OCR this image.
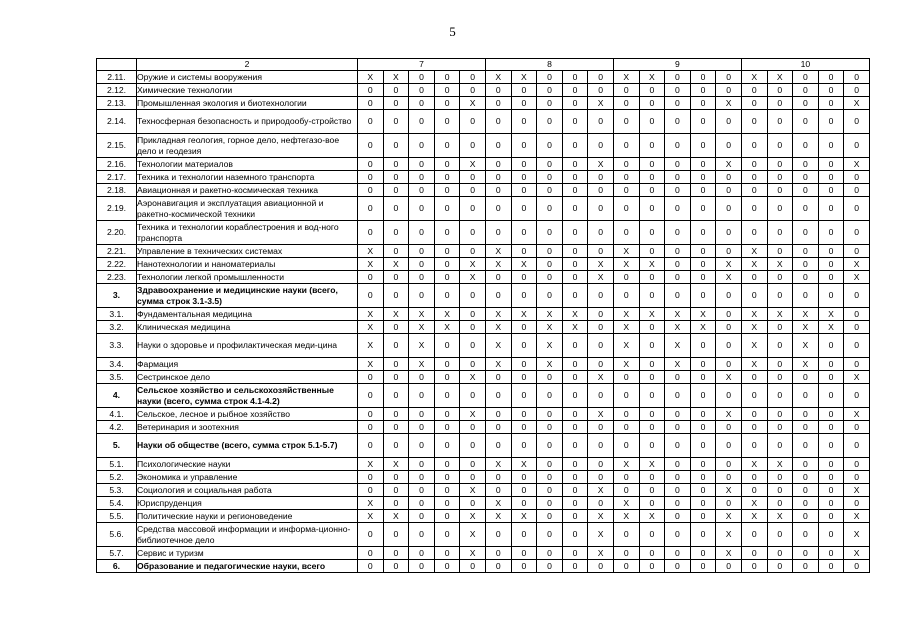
5
	2	7					8					9					10				
2.11.	Оружие и системы вооружения	X	X	0	0	0	X	X	0	0	0	X	X	0	0	0	X	X	0	0	0
2.12.	Химические технологии	0	0	0	0	0	0	0	0	0	0	0	0	0	0	0	0	0	0	0	0
2.13.	Промышленная экология и биотехнологии	0	0	0	0	X	0	0	0	0	X	0	0	0	0	X	0	0	0	0	X
2.14.	Техносферная безопасность и природообу-стройство	0	0	0	0	0	0	0	0	0	0	0	0	0	0	0	0	0	0	0	0
2.15.	Прикладная геология, горное дело, нефтегазо-вое дело и геодезия	0	0	0	0	0	0	0	0	0	0	0	0	0	0	0	0	0	0	0	0
2.16.	Технологии материалов	0	0	0	0	X	0	0	0	0	X	0	0	0	0	X	0	0	0	0	X
2.17.	Техника и технологии наземного транспорта	0	0	0	0	0	0	0	0	0	0	0	0	0	0	0	0	0	0	0	0
2.18.	Авиационная и ракетно-космическая техника	0	0	0	0	0	0	0	0	0	0	0	0	0	0	0	0	0	0	0	0
2.19.	Аэронавигация и эксплуатация авиационной и ракетно-космической техники	0	0	0	0	0	0	0	0	0	0	0	0	0	0	0	0	0	0	0	0
2.20.	Техника и технологии кораблестроения и вод-ного транспорта	0	0	0	0	0	0	0	0	0	0	0	0	0	0	0	0	0	0	0	0
2.21.	Управление в технических системах	X	0	0	0	0	X	0	0	0	0	X	0	0	0	0	X	0	0	0	0
2.22.	Нанотехнологии и наноматериалы	X	X	0	0	X	X	X	0	0	X	X	X	0	0	X	X	X	0	0	X
2.23.	Технологии легкой промышленности	0	0	0	0	X	0	0	0	0	X	0	0	0	0	X	0	0	0	0	X
3.	Здравоохранение и медицинские науки (всего, сумма строк 3.1-3.5)	0	0	0	0	0	0	0	0	0	0	0	0	0	0	0	0	0	0	0	0
3.1.	Фундаментальная медицина	X	X	X	X	0	X	X	X	X	0	X	X	X	X	0	X	X	X	X	0
3.2.	Клиническая медицина	X	0	X	X	0	X	0	X	X	0	X	0	X	X	0	X	0	X	X	0
3.3.	Науки о здоровье и профилактическая меди-цина	X	0	X	0	0	X	0	X	0	0	X	0	X	0	0	X	0	X	0	0
3.4.	Фармация	X	0	X	0	0	X	0	X	0	0	X	0	X	0	0	X	0	X	0	0
3.5.	Сестринское дело	0	0	0	0	X	0	0	0	0	X	0	0	0	0	X	0	0	0	0	X
4.	Сельское хозяйство и сельскохозяйственные науки (всего, сумма строк 4.1-4.2)	0	0	0	0	0	0	0	0	0	0	0	0	0	0	0	0	0	0	0	0
4.1.	Сельское, лесное и рыбное хозяйство	0	0	0	0	X	0	0	0	0	X	0	0	0	0	X	0	0	0	0	X
4.2.	Ветеринария и зоотехния	0	0	0	0	0	0	0	0	0	0	0	0	0	0	0	0	0	0	0	0
5.	Науки об обществе (всего, сумма строк 5.1-5.7)	0	0	0	0	0	0	0	0	0	0	0	0	0	0	0	0	0	0	0	0
5.1.	Психологические науки	X	X	0	0	0	X	X	0	0	0	X	X	0	0	0	X	X	0	0	0
5.2.	Экономика и управление	0	0	0	0	0	0	0	0	0	0	0	0	0	0	0	0	0	0	0	0
5.3.	Социология и социальная работа	0	0	0	0	X	0	0	0	0	X	0	0	0	0	X	0	0	0	0	X
5.4.	Юриспруденция	X	0	0	0	0	X	0	0	0	0	X	0	0	0	0	X	0	0	0	0
5.5.	Политические науки и регионоведение	X	X	0	0	X	X	X	0	0	X	X	X	0	0	X	X	X	0	0	X
5.6.	Средства массовой информации и информа-ционно-библиотечное дело	0	0	0	0	X	0	0	0	0	X	0	0	0	0	X	0	0	0	0	X
5.7.	Сервис и туризм	0	0	0	0	X	0	0	0	0	X	0	0	0	0	X	0	0	0	0	X
6.	Образование и педагогические науки, всего	0	0	0	0	0	0	0	0	0	0	0	0	0	0	0	0	0	0	0	0
